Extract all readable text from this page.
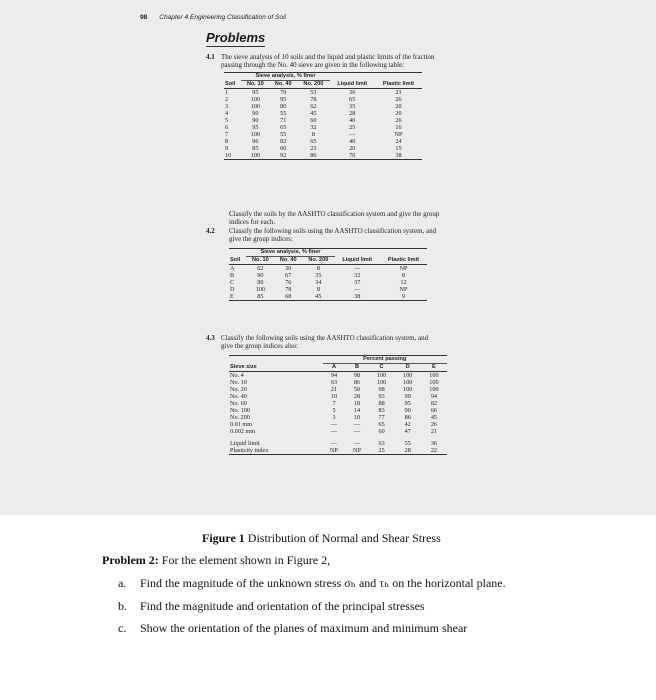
98 Chapter 4 Engineering Classification of Soil
Problems
4.1 The sieve analysis of 10 soils and the liquid and plastic limits of the fraction
passing through the No. 40 sieve are given in the following table:
	Sieve analysis, % finer				
Soil	No. 10	No. 40	No. 200	Liquid limit	Plastic limit
1	95	79	53	36	21
2	100	95	78	65	26
3	100	80	62	35	20
4	90	55	45	28	20
5	90	71	60	40	26
6	95	65	32	25	16
7	100	55	8	—	NP
8	96	82	65	40	24
9	85	60	23	20	15
10	100	92	86	70	38
Classify the soils by the AASHTO classification system and give the group
indices for each.
4.2 Classify the following soils using the AASHTO classification system, and
give the group indices:
	Sieve analysis, % finer				
Soil	No. 10	No. 40	No. 200	Liquid limit	Plastic limit
A	62	30	8	—	NP
B	90	67	35	32	8
C	90	76	34	37	12
D	100	78	8	—	NP
E	85	68	45	38	9
4.3 Classify the following soils using the AASHTO classification system, and
give the group indices also:
	Percent passing				
Sieve size	A	B	C	D	E
No. 4	94	98	100	100	100
No. 10	63	86	100	100	100
No. 20	21	50	98	100	100
No. 40	10	28	93	99	94
No. 60	7	18	88	95	82
No. 100	5	14	83	90	66
No. 200	3	10	77	86	45
0.01 mm	—	—	65	42	26
0.002 mm	—	—	60	47	21

Liquid limit	—	—	63	55	36
Plasticity index	NP	NP	25	28	22
Figure 1 Distribution of Normal and Shear Stress
Problem 2: For the element shown in Figure 2,
a. Find the magnitude of the unknown stress σₕ and τₕ on the horizontal plane.
b. Find the magnitude and orientation of the principal stresses
c. Show the orientation of the planes of maximum and minimum shear
